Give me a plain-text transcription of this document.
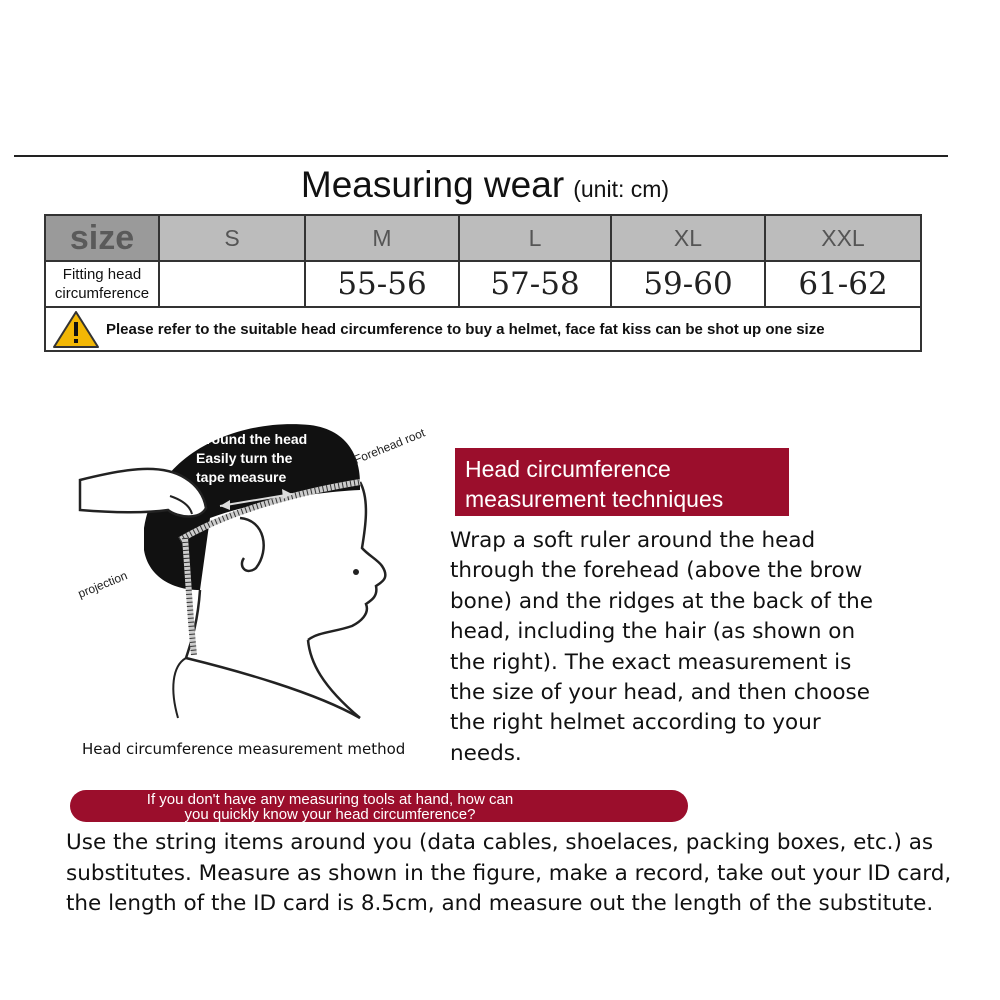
Measuring wear (unit: cm)
size	S	M	L	XL	XXL

Fitting head
circumference		55-56	57-58	59-60	61-62

Please refer to the suitable head circumference to buy a helmet, face fat kiss can be shot up one size					
Around the head
Easily turn the
tape measure
Forehead root
projection
Head circumference measurement method
Head circumference
measurement techniques
Wrap a soft ruler around the head
through the forehead (above the brow
bone) and the ridges at the back of the
head, including the hair (as shown on
the right). The exact measurement is
the size of your head, and then choose
the right helmet according to your
needs.
If you don't have any measuring tools at hand, how can
you quickly know your head circumference?
Use the string items around you (data cables, shoelaces, packing boxes, etc.) as
substitutes. Measure as shown in the figure, make a record, take out your ID card,
the length of the ID card is 8.5cm, and measure out the length of the substitute.
